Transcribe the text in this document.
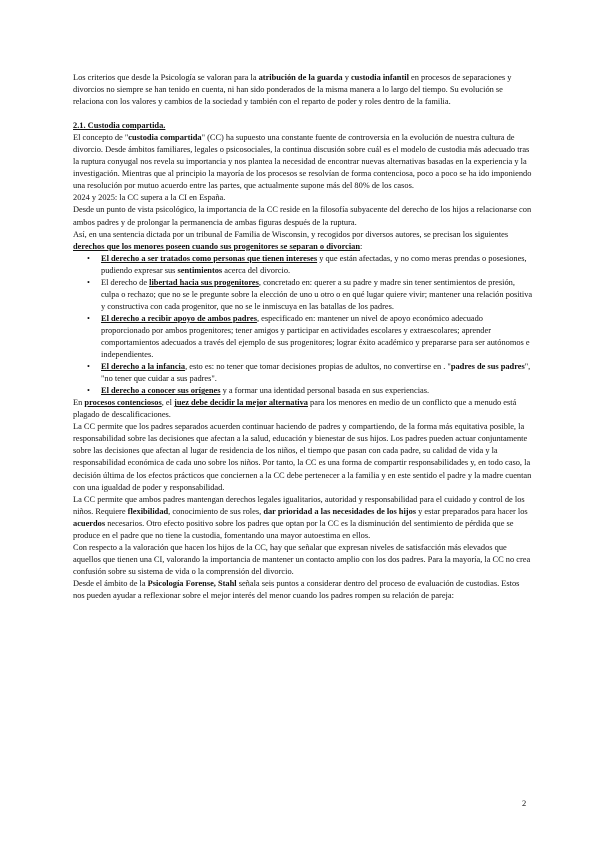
Los criterios que desde la Psicología se valoran para la atribución de la guarda y custodia infantil en procesos de separaciones y divorcios no siempre se han tenido en cuenta, ni han sido ponderados de la misma manera a lo largo del tiempo. Su evolución se relaciona con los valores y cambios de la sociedad y también con el reparto de poder y roles dentro de la familia.

2.1. Custodia compartida.

El concepto de "custodia compartida" (CC) ha supuesto una constante fuente de controversia en la evolución de nuestra cultura de divorcio. Desde ámbitos familiares, legales o psicosociales, la continua discusión sobre cuál es el modelo de custodia más adecuado tras la ruptura conyugal nos revela su importancia y nos plantea la necesidad de encontrar nuevas alternativas basadas en la experiencia y la investigación. Mientras que al principio la mayoría de los procesos se resolvían de forma contenciosa, poco a poco se ha ido imponiendo una resolución por mutuo acuerdo entre las partes, que actualmente supone más del 80% de los casos.

2024 y 2025: la CC supera a la CI en España.

Desde un punto de vista psicológico, la importancia de la CC reside en la filosofía subyacente del derecho de los hijos a relacionarse con ambos padres y de prolongar la permanencia de ambas figuras después de la ruptura.

Así, en una sentencia dictada por un tribunal de Familia de Wisconsin, y recogidos por diversos autores, se precisan los siguientes derechos que los menores poseen cuando sus progenitores se separan o divorcian:

• El derecho a ser tratados como personas que tienen intereses y que están afectadas, y no como meras prendas o posesiones, pudiendo expresar sus sentimientos acerca del divorcio.
• El derecho de libertad hacia sus progenitores, concretado en: querer a su padre y madre sin tener sentimientos de presión, culpa o rechazo; que no se le pregunte sobre la elección de uno u otro o en qué lugar quiere vivir; mantener una relación positiva y constructiva con cada progenitor, que no se le inmiscuya en las batallas de los padres.
• El derecho a recibir apoyo de ambos padres, especificado en: mantener un nivel de apoyo económico adecuado proporcionado por ambos progenitores; tener amigos y participar en actividades escolares y extraescolares; aprender comportamientos adecuados a través del ejemplo de sus progenitores; lograr éxito académico y prepararse para ser autónomos e independientes.
• El derecho a la infancia, esto es: no tener que tomar decisiones propias de adultos, no convertirse en . "padres de sus padres", "no tener que cuidar a sus padres".
• El derecho a conocer sus orígenes y a formar una identidad personal basada en sus experiencias.

En procesos contenciosos, el juez debe decidir la mejor alternativa para los menores en medio de un conflicto que a menudo está plagado de descalificaciones.

La CC permite que los padres separados acuerden continuar haciendo de padres y compartiendo, de la forma más equitativa posible, la responsabilidad sobre las decisiones que afectan a la salud, educación y bienestar de sus hijos. Los padres pueden actuar conjuntamente sobre las decisiones que afectan al lugar de residencia de los niños, el tiempo que pasan con cada padre, su calidad de vida y la responsabilidad económica de cada uno sobre los niños. Por tanto, la CC es una forma de compartir responsabilidades y, en todo caso, la decisión última de los efectos prácticos que conciernen a la CC debe pertenecer a la familia y en este sentido el padre y la madre cuentan con una igualdad de poder y responsabilidad.

La CC permite que ambos padres mantengan derechos legales igualitarios, autoridad y responsabilidad para el cuidado y control de los niños. Requiere flexibilidad, conocimiento de sus roles, dar prioridad a las necesidades de los hijos y estar preparados para hacer los acuerdos necesarios. Otro efecto positivo sobre los padres que optan por la CC es la disminución del sentimiento de pérdida que se produce en el padre que no tiene la custodia, fomentando una mayor autoestima en ellos.

Con respecto a la valoración que hacen los hijos de la CC, hay que señalar que expresan niveles de satisfacción más elevados que aquellos que tienen una CI, valorando la importancia de mantener un contacto amplio con los dos padres. Para la mayoría, la CC no crea confusión sobre su sistema de vida o la comprensión del divorcio.

Desde el ámbito de la Psicología Forense, Stahl señala seis puntos a considerar dentro del proceso de evaluación de custodias. Estos nos pueden ayudar a reflexionar sobre el mejor interés del menor cuando los padres rompen su relación de pareja:

2
